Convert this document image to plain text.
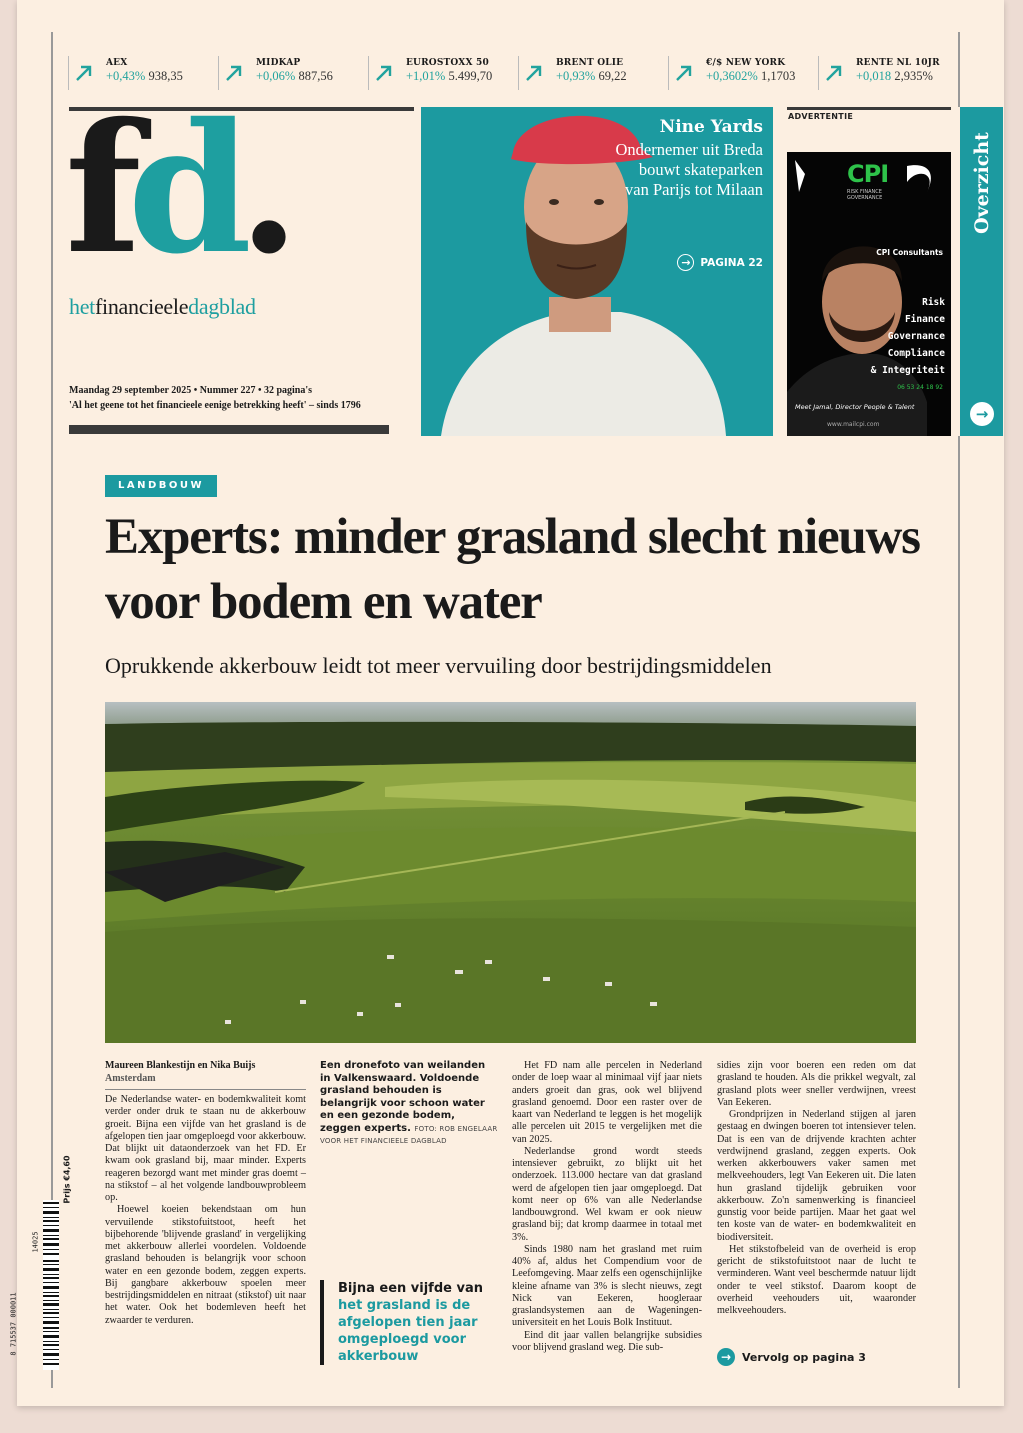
AEX
+0,43% 938,35
MIDKAP
+0,06% 887,56
EUROSTOXX 50
+1,01% 5.499,70
BRENT OLIE
+0,93% 69,22
€/$ NEW YORK
+0,3602% 1,1703
RENTE NL 10JR
+0,018 2,935%
fd.
hetfinancieeledagblad
Maandag 29 september 2025 • Nummer 227 • 32 pagina's
'Al het geene tot het financieele eenige betrekking heeft' – sinds 1796
Nine Yards
Ondernemer uit Breda bouwt skateparken van Parijs tot Milaan
→ PAGINA 22
ADVERTENTIE
CPI
RISK FINANCE GOVERNANCE
CPI Consultants
Risk
Finance
Governance
Compliance
& Integriteit
06 53 24 18 92
Meet Jamal, Director People & Talent
www.mailcpi.com
Overzicht
→
LANDBOUW
Experts: minder grasland slecht nieuws voor bodem en water
Oprukkende akkerbouw leidt tot meer vervuiling door bestrijdingsmiddelen
Maureen Blankestijn en Nika Buijs
Amsterdam

De Nederlandse water- en bodemkwaliteit komt verder onder druk te staan nu de akkerbouw groeit. Bijna een vijfde van het grasland is de afgelopen tien jaar omgeploegd voor akkerbouw. Dat blijkt uit dataonderzoek van het FD. Er kwam ook grasland bij, maar minder. Experts reageren bezorgd want met minder gras doemt – na stikstof – al het volgende landbouwprobleem op.

Hoewel koeien bekendstaan om hun vervuilende stikstofuitstoot, heeft het bijbehorende 'blijvende grasland' in vergelijking met akkerbouw allerlei voordelen. Voldoende grasland behouden is belangrijk voor schoon water en een gezonde bodem, zeggen experts. Bij gangbare akkerbouw spoelen meer bestrijdingsmiddelen en nitraat (stikstof) uit naar het water. Ook het bodemleven heeft het zwaarder te verduren.

Een dronefoto van weilanden in Valkenswaard. Voldoende grasland behouden is belangrijk voor schoon water en een gezonde bodem, zeggen experts. FOTO: ROB ENGELAAR VOOR HET FINANCIEELE DAGBLAD
Bijna een vijfde van het grasland is de afgelopen tien jaar omgeploegd voor akkerbouw

Het FD nam alle percelen in Nederland onder de loep waar al minimaal vijf jaar niets anders groeit dan gras, ook wel blijvend grasland genoemd. Door een raster over de kaart van Nederland te leggen is het mogelijk alle percelen uit 2015 te vergelijken met die van 2025.

Nederlandse grond wordt steeds intensiever gebruikt, zo blijkt uit het onderzoek. 113.000 hectare van dat grasland werd de afgelopen tien jaar omgeploegd. Dat komt neer op 6% van alle Nederlandse landbouwgrond. Wel kwam er ook nieuw grasland bij; dat kromp daarmee in totaal met 3%.

Sinds 1980 nam het grasland met ruim 40% af, aldus het Compendium voor de Leefomgeving. Maar zelfs een ogenschijnlijke kleine afname van 3% is slecht nieuws, zegt Nick van Eekeren, hoogleraar graslandsystemen aan de Wageningen-universiteit en het Louis Bolk Instituut.

Eind dit jaar vallen belangrijke subsidies voor blijvend grasland weg. Die sub-

sidies zijn voor boeren een reden om dat grasland te houden. Als die prikkel wegvalt, zal grasland plots weer sneller verdwijnen, vreest Van Eekeren.

Grondprijzen in Nederland stijgen al jaren gestaag en dwingen boeren tot intensiever telen. Dat is een van de drijvende krachten achter verdwijnend grasland, zeggen experts. Ook werken akkerbouwers vaker samen met melkveehouders, legt Van Eekeren uit. Die laten hun grasland tijdelijk gebruiken voor akkerbouw. Zo'n samenwerking is financieel gunstig voor beide partijen. Maar het gaat wel ten koste van de water- en bodemkwaliteit en biodiversiteit.

Het stikstofbeleid van de overheid is erop gericht de stikstofuitstoot naar de lucht te verminderen. Want veel beschermde natuur lijdt onder te veel stikstof. Daarom koopt de overheid veehouders uit, waaronder melkveehouders.

→ Vervolg op pagina 3
Prijs €4,60
14025
8 715537 000011
